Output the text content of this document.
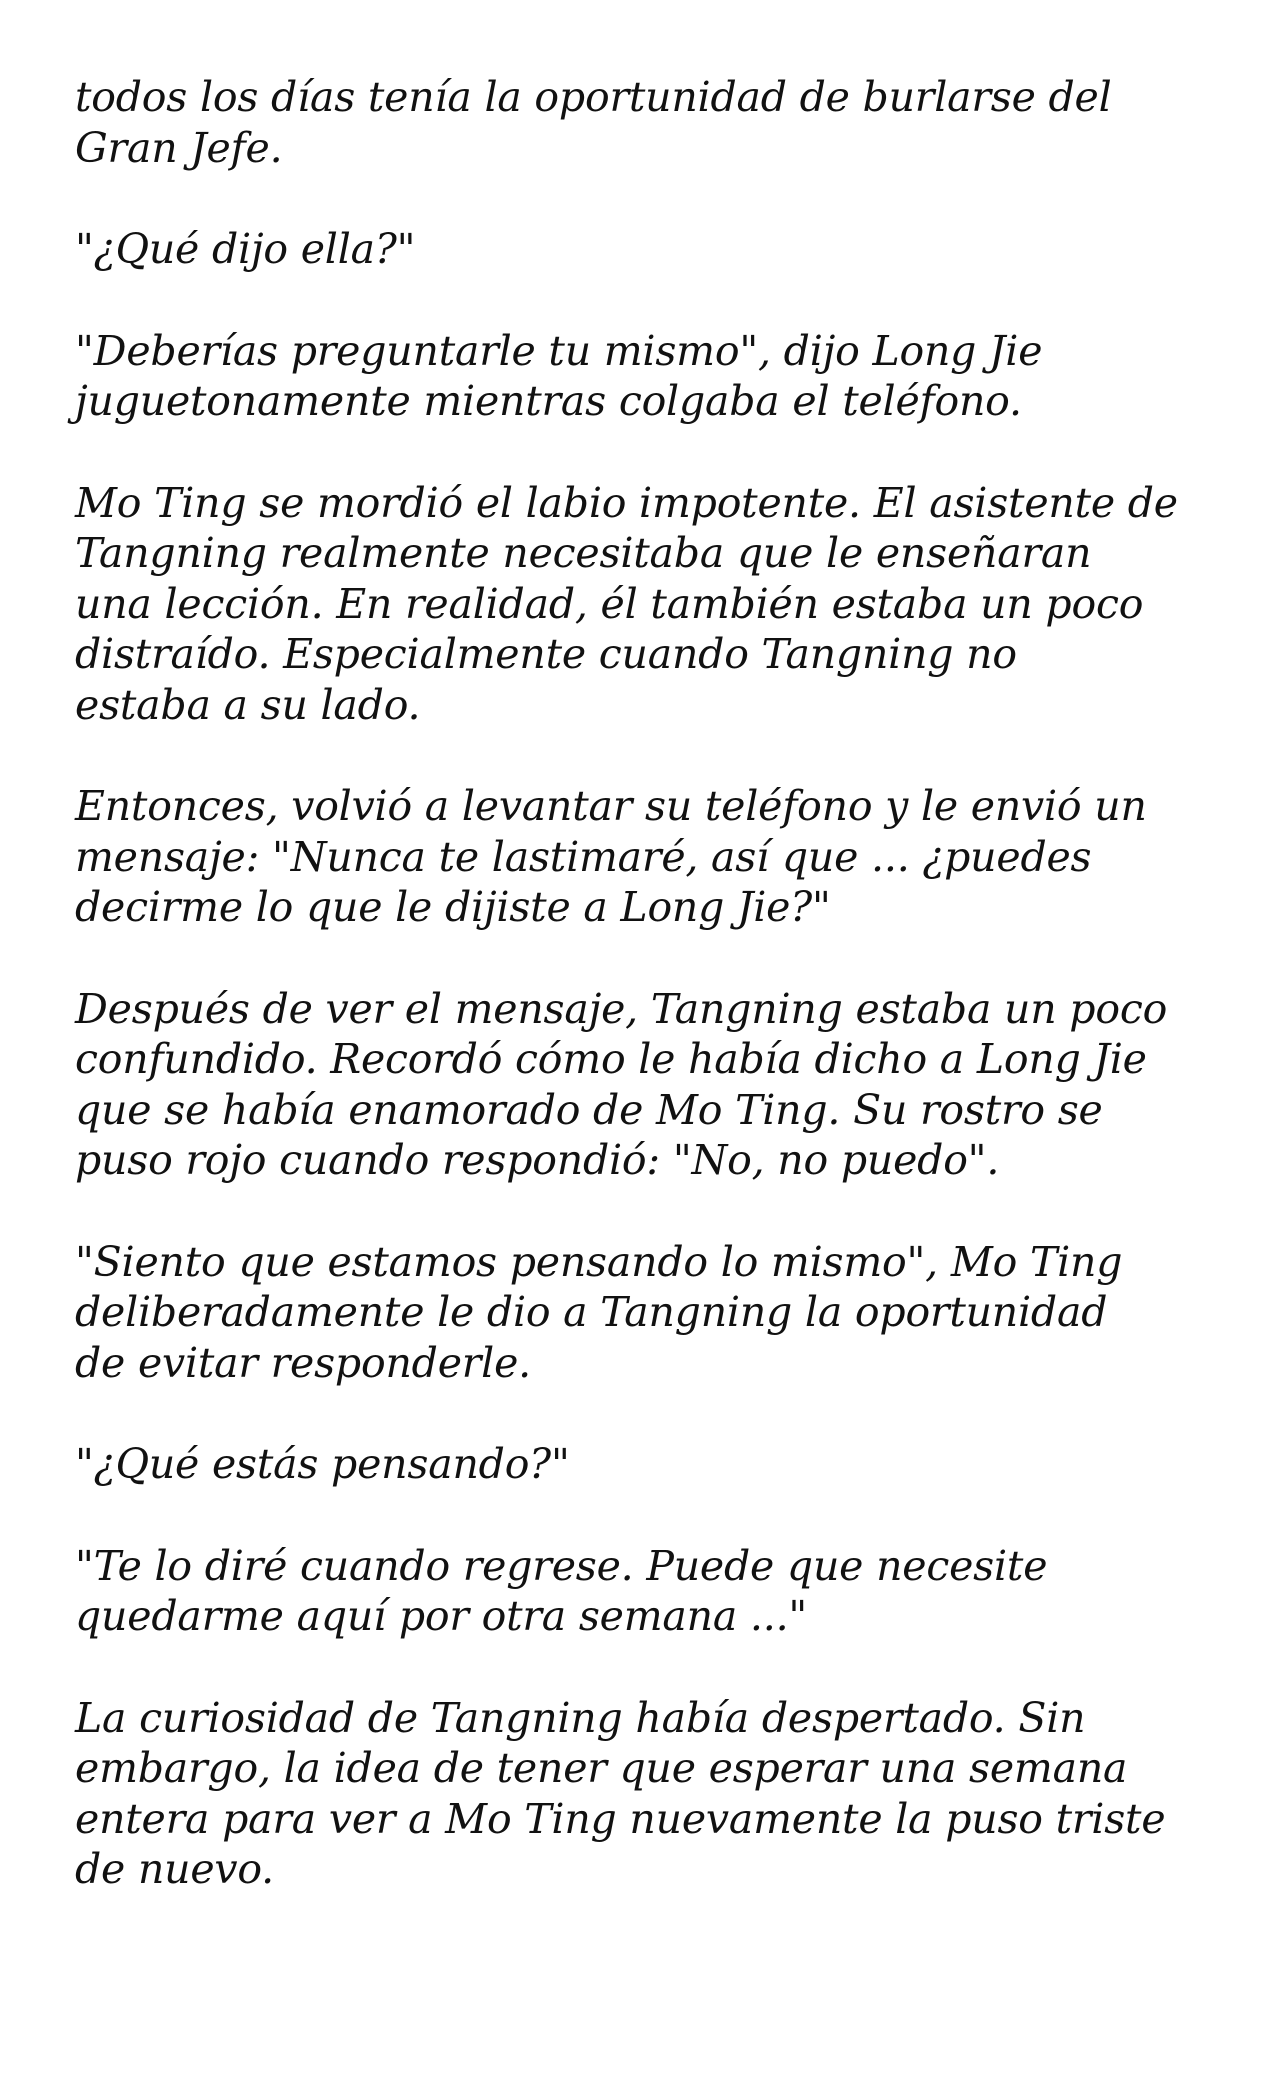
todos los días tenía la oportunidad de burlarse del
Gran Jefe.

"¿Qué dijo ella?"

"Deberías preguntarle tu mismo", dijo Long Jie
juguetonamente mientras colgaba el teléfono.

Mo Ting se mordió el labio impotente. El asistente de
Tangning realmente necesitaba que le enseñaran
una lección. En realidad, él también estaba un poco
distraído. Especialmente cuando Tangning no
estaba a su lado.

Entonces, volvió a levantar su teléfono y le envió un
mensaje: "Nunca te lastimaré, así que ... ¿puedes
decirme lo que le dijiste a Long Jie?"

Después de ver el mensaje, Tangning estaba un poco
confundido. Recordó cómo le había dicho a Long Jie
que se había enamorado de Mo Ting. Su rostro se
puso rojo cuando respondió: "No, no puedo".

"Siento que estamos pensando lo mismo", Mo Ting
deliberadamente le dio a Tangning la oportunidad
de evitar responderle.

"¿Qué estás pensando?"

"Te lo diré cuando regrese. Puede que necesite
quedarme aquí por otra semana ..."

La curiosidad de Tangning había despertado. Sin
embargo, la idea de tener que esperar una semana
entera para ver a Mo Ting nuevamente la puso triste
de nuevo.
